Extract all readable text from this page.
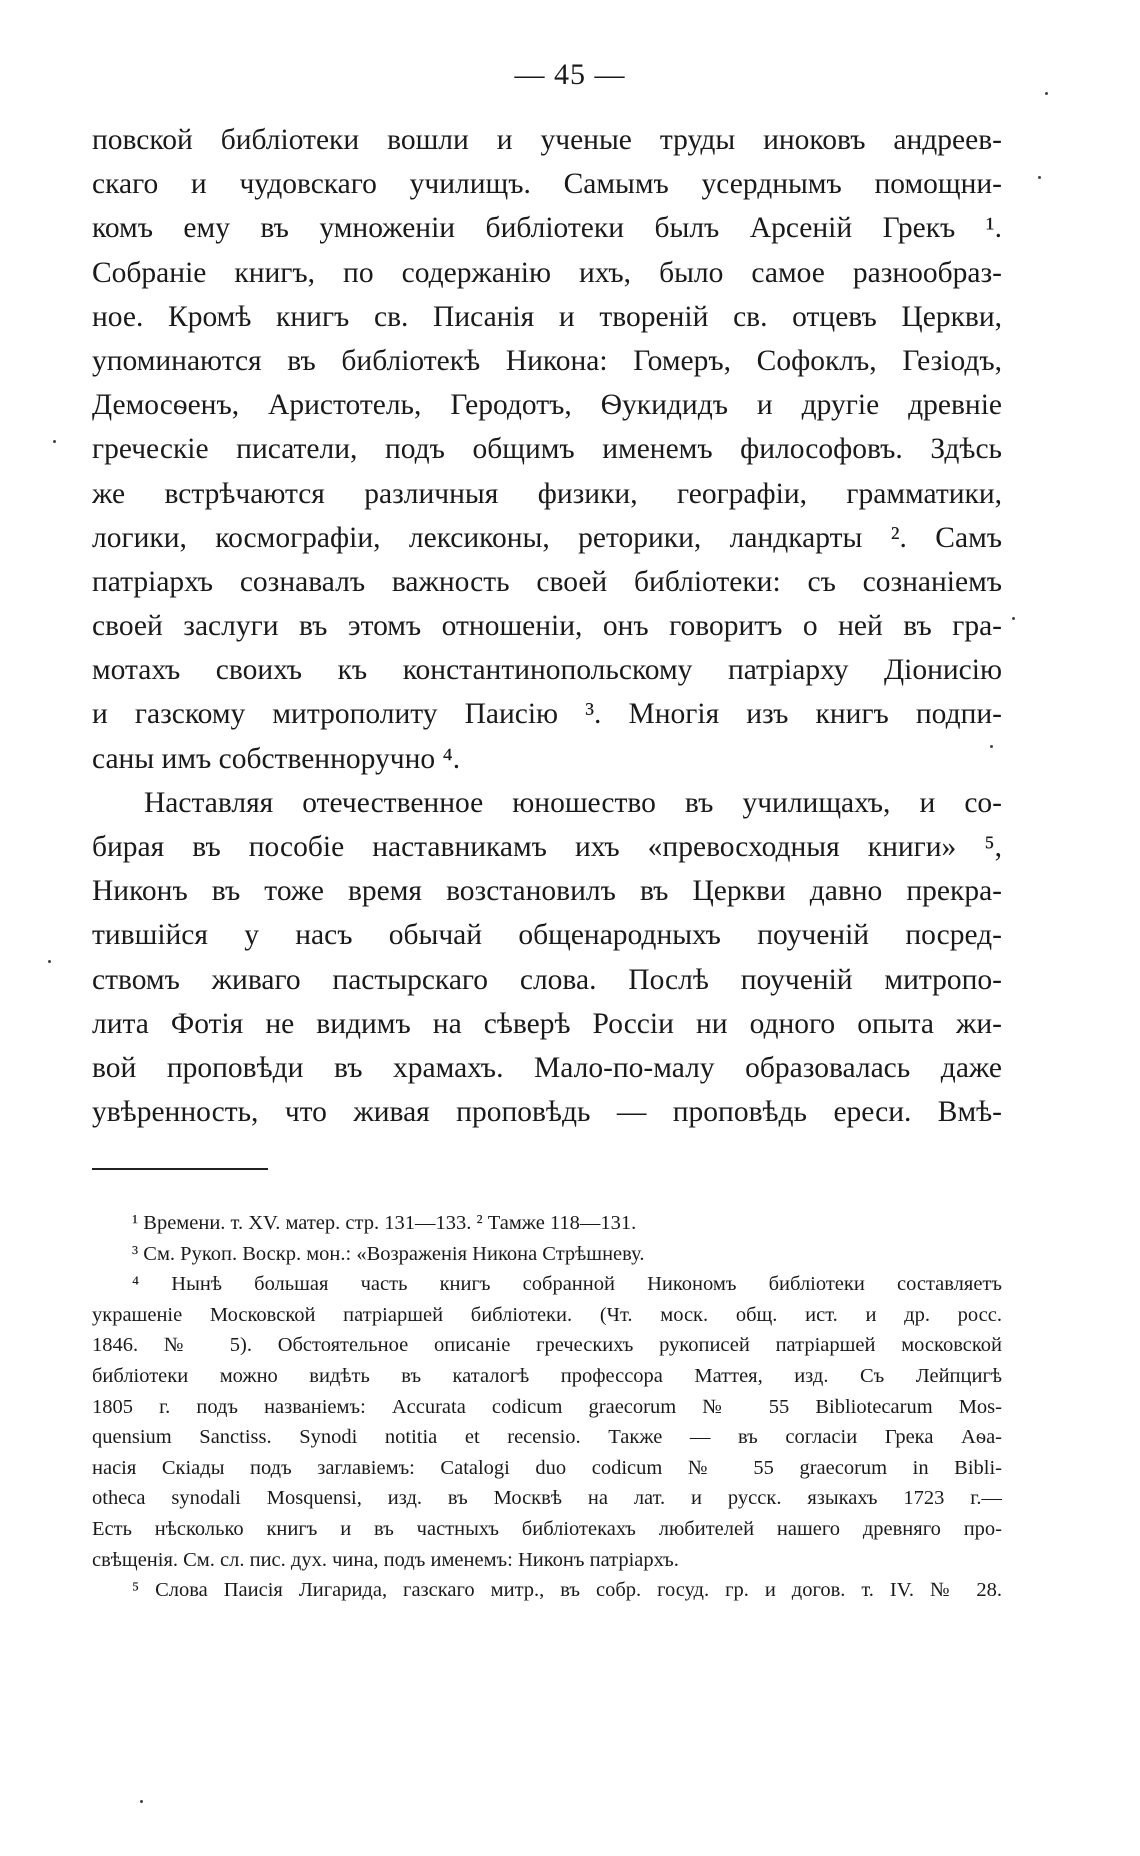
— 45 —
повской библіотеки вошли и ученые труды иноковъ андреев-
скаго и чудовскаго училищъ. Самымъ усерднымъ помощни-
комъ ему въ умноженіи библіотеки былъ Арсеній Грекъ ¹.
Собраніе книгъ, по содержанію ихъ, было самое разнообраз-
ное. Кромѣ книгъ св. Писанія и твореній св. отцевъ Церкви,
упоминаются въ библіотекѣ Никона: Гомеръ, Софоклъ, Гезіодъ,
Демосѳенъ, Аристотель, Геродотъ, Ѳукидидъ и другіе древніе
греческіе писатели, подъ общимъ именемъ философовъ. Здѣсь
же встрѣчаются различныя физики, географіи, грамматики,
логики, космографіи, лексиконы, реторики, ландкарты ². Самъ
патріархъ сознавалъ важность своей библіотеки: съ сознаніемъ
своей заслуги въ этомъ отношеніи, онъ говоритъ о ней въ гра-
мотахъ своихъ къ константинопольскому патріарху Діонисію
и газскому митрополиту Паисію ³. Многія изъ книгъ подпи-
саны имъ собственноручно ⁴.
Наставляя отечественное юношество въ училищахъ, и со-
бирая въ пособіе наставникамъ ихъ «превосходныя книги» ⁵,
Никонъ въ тоже время возстановилъ въ Церкви давно прекра-
тившійся у насъ обычай общенародныхъ поученій посред-
ствомъ живаго пастырскаго слова. Послѣ поученій митропо-
лита Фотія не видимъ на сѣверѣ Россіи ни одного опыта жи-
вой проповѣди въ храмахъ. Мало-по-малу образовалась даже
увѣренность, что живая проповѣдь — проповѣдь ереси. Вмѣ-
¹ Времени. т. XV. матер. стр. 131—133. ² Тамже 118—131.
³ См. Рукоп. Воскр. мон.: «Возраженія Никона Стрѣшневу.
⁴ Нынѣ большая часть книгъ собранной Никономъ библіотеки составляетъ
украшеніе Московской патріаршей библіотеки. (Чт. моск. общ. ист. и др. росс.
1846. № 5). Обстоятельное описаніе греческихъ рукописей патріаршей московской
библіотеки можно видѣть въ каталогѣ профессора Маттея, изд. Съ Лейпцигѣ
1805 г. подъ названіемъ: Accurata codicum graecorum № 55 Bibliotecarum Mos-
quensium Sanctiss. Synodi notitia et recensio. Также — въ согласіи Грека Аѳа-
насія Скіады подъ заглавіемъ: Catalogi duo codicum № 55 graecorum in Bibli-
otheca synodali Mosquensi, изд. въ Москвѣ на лат. и русск. языкахъ 1723 г.—
Есть нѣсколько книгъ и въ частныхъ библіотекахъ любителей нашего древняго про-
свѣщенія. См. сл. пис. дух. чина, подъ именемъ: Никонъ патріархъ.
⁵ Слова Паисія Лигарида, газскаго митр., въ собр. госуд. гр. и догов. т. IV. № 28.
